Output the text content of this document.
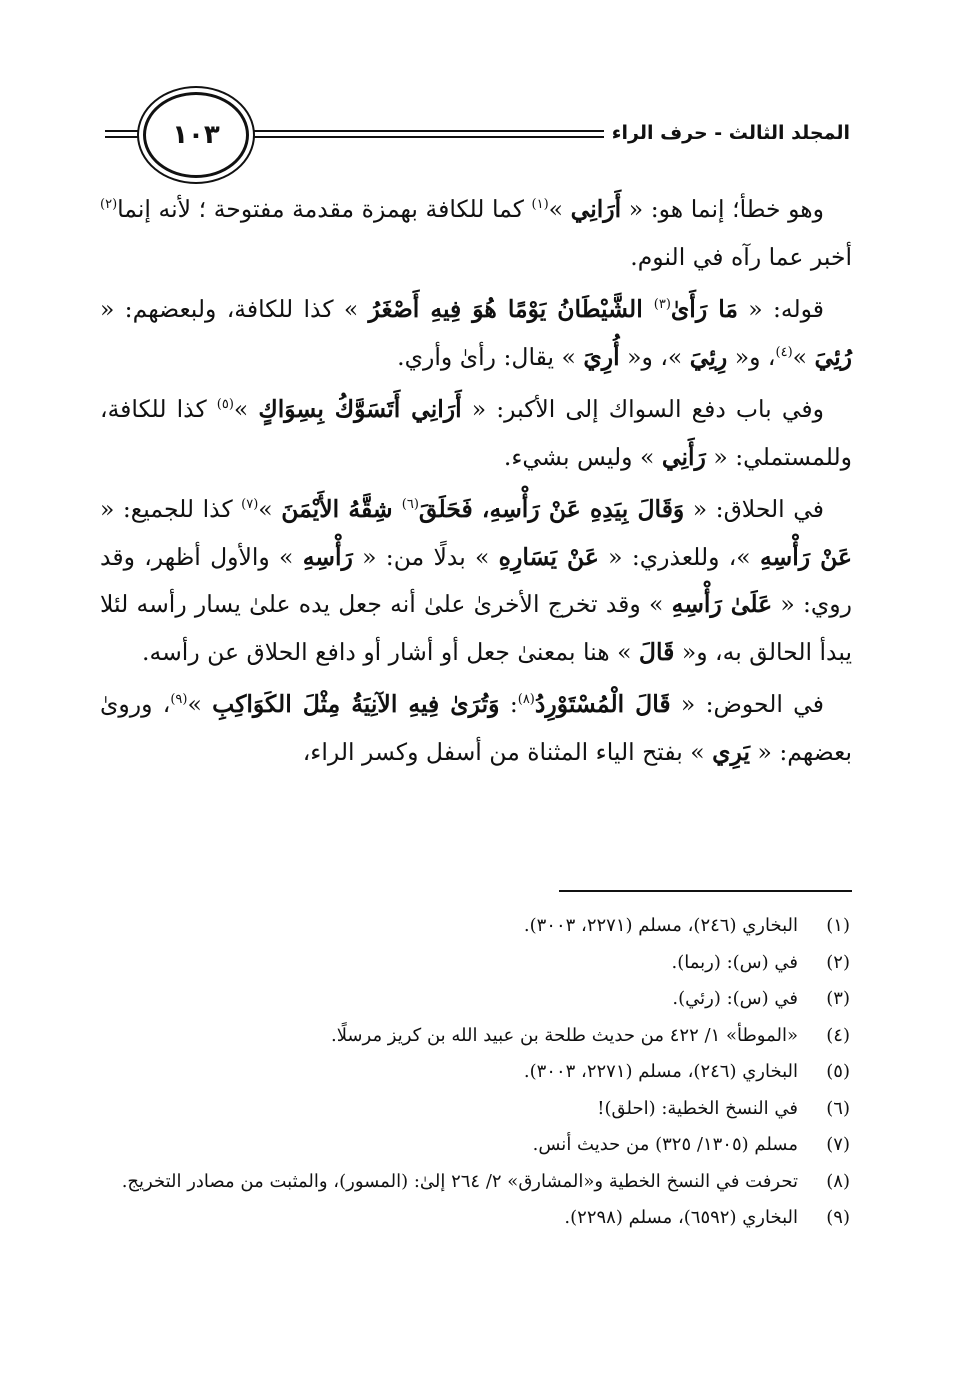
المجلد الثالث - حرف الراء
١٠٣

وهو خطأ؛ إنما هو: « أَرَانِي »$^{(١)}$ كما للكافة بهمزة مقدمة مفتوحة ؛ لأنه إنما$^{(٢)}$ أخبر عما رآه في النوم.

قوله: « مَا رَأَىٰ$^{(٣)}$ الشَّيْطَانُ يَوْمًا هُوَ فِيهِ أَصْغَرُ » كذا للكافة، ولبعضهم: « رُئِيَ »$^{(٤)}$، و« رِئِيَ »، و« أُرِيَ » يقال: رأىٰ وأري.

وفي باب دفع السواك إلى الأكبر: « أَرَانِي أَتَسَوَّكُ بِسِوَاكٍ »$^{(٥)}$ كذا للكافة، وللمستملي: « رَأَنِي » وليس بشيء.

في الحلاق: « وَقَالَ بِيَدِهِ عَنْ رَأْسِهِ، فَحَلَقَ$^{(٦)}$ شِقَّهُ الأَيْمَنَ »$^{(٧)}$ كذا للجميع: « عَنْ رَأْسِهِ »، وللعذري: « عَنْ يَسَارِهِ » بدلًا من: « رَأْسِهِ » والأول أظهر، وقد روي: « عَلَىٰ رَأْسِهِ » وقد تخرج الأخرىٰ علىٰ أنه جعل يده علىٰ يسار رأسه لئلا يبدأ الحالق به، و« قَالَ » هنا بمعنىٰ جعل أو أشار أو دافع الحلاق عن رأسه.

في الحوض: « قَالَ الْمُسْتَوْرِدُ$^{(٨)}$: وَتُرَىٰ فِيهِ الآنِيَةُ مِثْلَ الكَوَاكِبِ »$^{(٩)}$، وروىٰ بعضهم: « يَرِي » بفتح الياء المثناة من أسفل وكسر الراء،

(١)
البخاري (٢٤٦)، مسلم (٢٢٧١، ٣٠٠٣).
(٢)
في (س): (ربما).
(٣)
في (س): (رئي).
(٤)
«الموطأ» ١/ ٤٢٢ من حديث طلحة بن عبيد الله بن كريز مرسلًا.
(٥)
البخاري (٢٤٦)، مسلم (٢٢٧١، ٣٠٠٣).
(٦)
في النسخ الخطية: (احلق)!
(٧)
مسلم (١٣٠٥/ ٣٢٥) من حديث أنس.
(٨)
تحرفت في النسخ الخطية و«المشارق» ٢/ ٢٦٤ إلىٰ: (المسور)، والمثبت من مصادر التخريج.
(٩)
البخاري (٦٥٩٢)، مسلم (٢٢٩٨).
